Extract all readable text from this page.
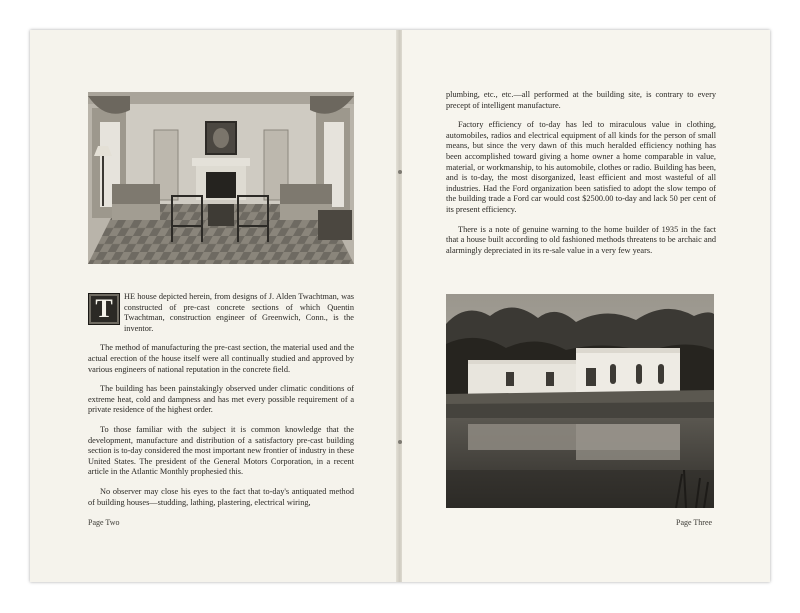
T	HE house depicted herein, from designs of J. Alden Twachtman, was constructed of pre-cast concrete sections of which Quentin Twachtman, construction engineer of Greenwich, Conn., is the inventor.

The method of manufacturing the pre-cast section, the material used and the actual erection of the house itself were all continually studied and approved by various engineers of national reputation in the concrete field.

The building has been painstakingly observed under climatic conditions of extreme heat, cold and dampness and has met every possible requirement of a private residence of the highest order.

To those familiar with the subject it is common knowledge that the development, manufacture and distribution of a satisfactory pre-cast building section is to-day considered the most important new frontier of industry in these United States. The president of the General Motors Corporation, in a recent article in the Atlantic Monthly prophesied this.

No observer may close his eyes to the fact that to-day's antiquated method of building houses—studding, lathing, plastering, electrical wiring,

Page Two

plumbing, etc., etc.—all performed at the building site, is contrary to every precept of intelligent manufacture.

Factory efficiency of to-day has led to miraculous value in clothing, automobiles, radios and electrical equipment of all kinds for the person of small means, but since the very dawn of this much heralded efficiency nothing has been accomplished toward giving a home owner a home comparable in value, material, or workmanship, to his automobile, clothes or radio. Building has been, and is to-day, the most disorganized, least efficient and most wasteful of all industries. Had the Ford organization been satisfied to adopt the slow tempo of the building trade a Ford car would cost $2500.00 to-day and lack 50 per cent of its present efficiency.

There is a note of genuine warning to the home builder of 1935 in the fact that a house built according to old fashioned methods threatens to be archaic and alarmingly depreciated in its re-sale value in a very few years.

Page Three
